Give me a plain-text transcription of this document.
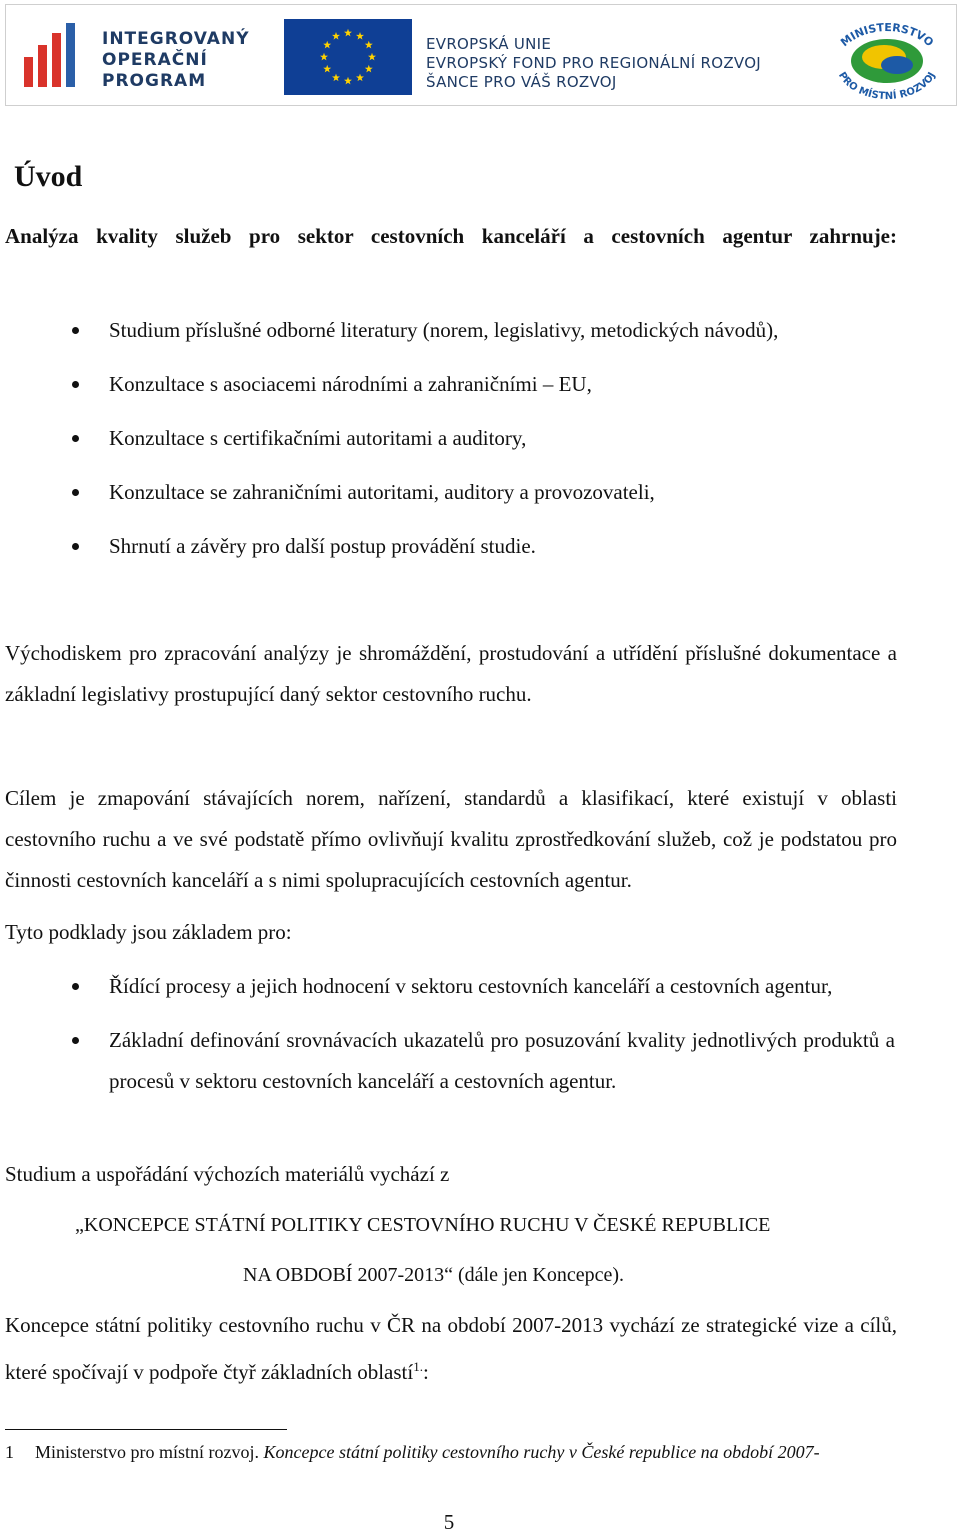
INTEGROVANÝ
OPERAČNÍ
PROGRAM
EVROPSKÁ UNIE
EVROPSKÝ FOND PRO REGIONÁLNÍ ROZVOJ
ŠANCE PRO VÁŠ ROZVOJ
MINISTERSTVO
PRO MÍSTNÍ ROZVOJ
Úvod

Analýza kvality služeb pro sektor cestovních kanceláří a cestovních agentur zahrnuje:

Studium příslušné odborné literatury (norem, legislativy, metodických návodů),
Konzultace s asociacemi národními a zahraničními – EU,
Konzultace s certifikačními autoritami a auditory,
Konzultace se zahraničními autoritami, auditory a provozovateli,
Shrnutí a závěry pro další postup provádění studie.

Východiskem pro zpracování analýzy je shromáždění, prostudování a utřídění příslušné dokumentace a základní legislativy prostupující daný sektor cestovního ruchu.

Cílem je zmapování stávajících norem, nařízení, standardů a klasifikací, které existují v oblasti cestovního ruchu a ve své podstatě přímo ovlivňují kvalitu zprostředkování služeb, což je podstatou pro činnosti cestovních kanceláří a s nimi spolupracujících cestovních agentur.

Tyto podklady jsou základem pro:

Řídící procesy a jejich hodnocení v sektoru cestovních kanceláří a cestovních agentur,
Základní definování srovnávacích ukazatelů pro posuzování kvality jednotlivých produktů a procesů v sektoru cestovních kanceláří a cestovních agentur.

Studium a uspořádání výchozích materiálů vychází z

„KONCEPCE STÁTNÍ POLITIKY CESTOVNÍHO RUCHU V ČESKÉ REPUBLICE

NA OBDOBÍ 2007-2013“ (dále jen Koncepce).

Koncepce státní politiky cestovního ruchu v ČR na období 2007-2013 vychází ze strategické vize a cílů, které spočívají v podpoře čtyř základních oblastí$^{1.}$:

1 Ministerstvo pro místní rozvoj. Koncepce státní politiky cestovního ruchy v České republice na období 2007-
5
